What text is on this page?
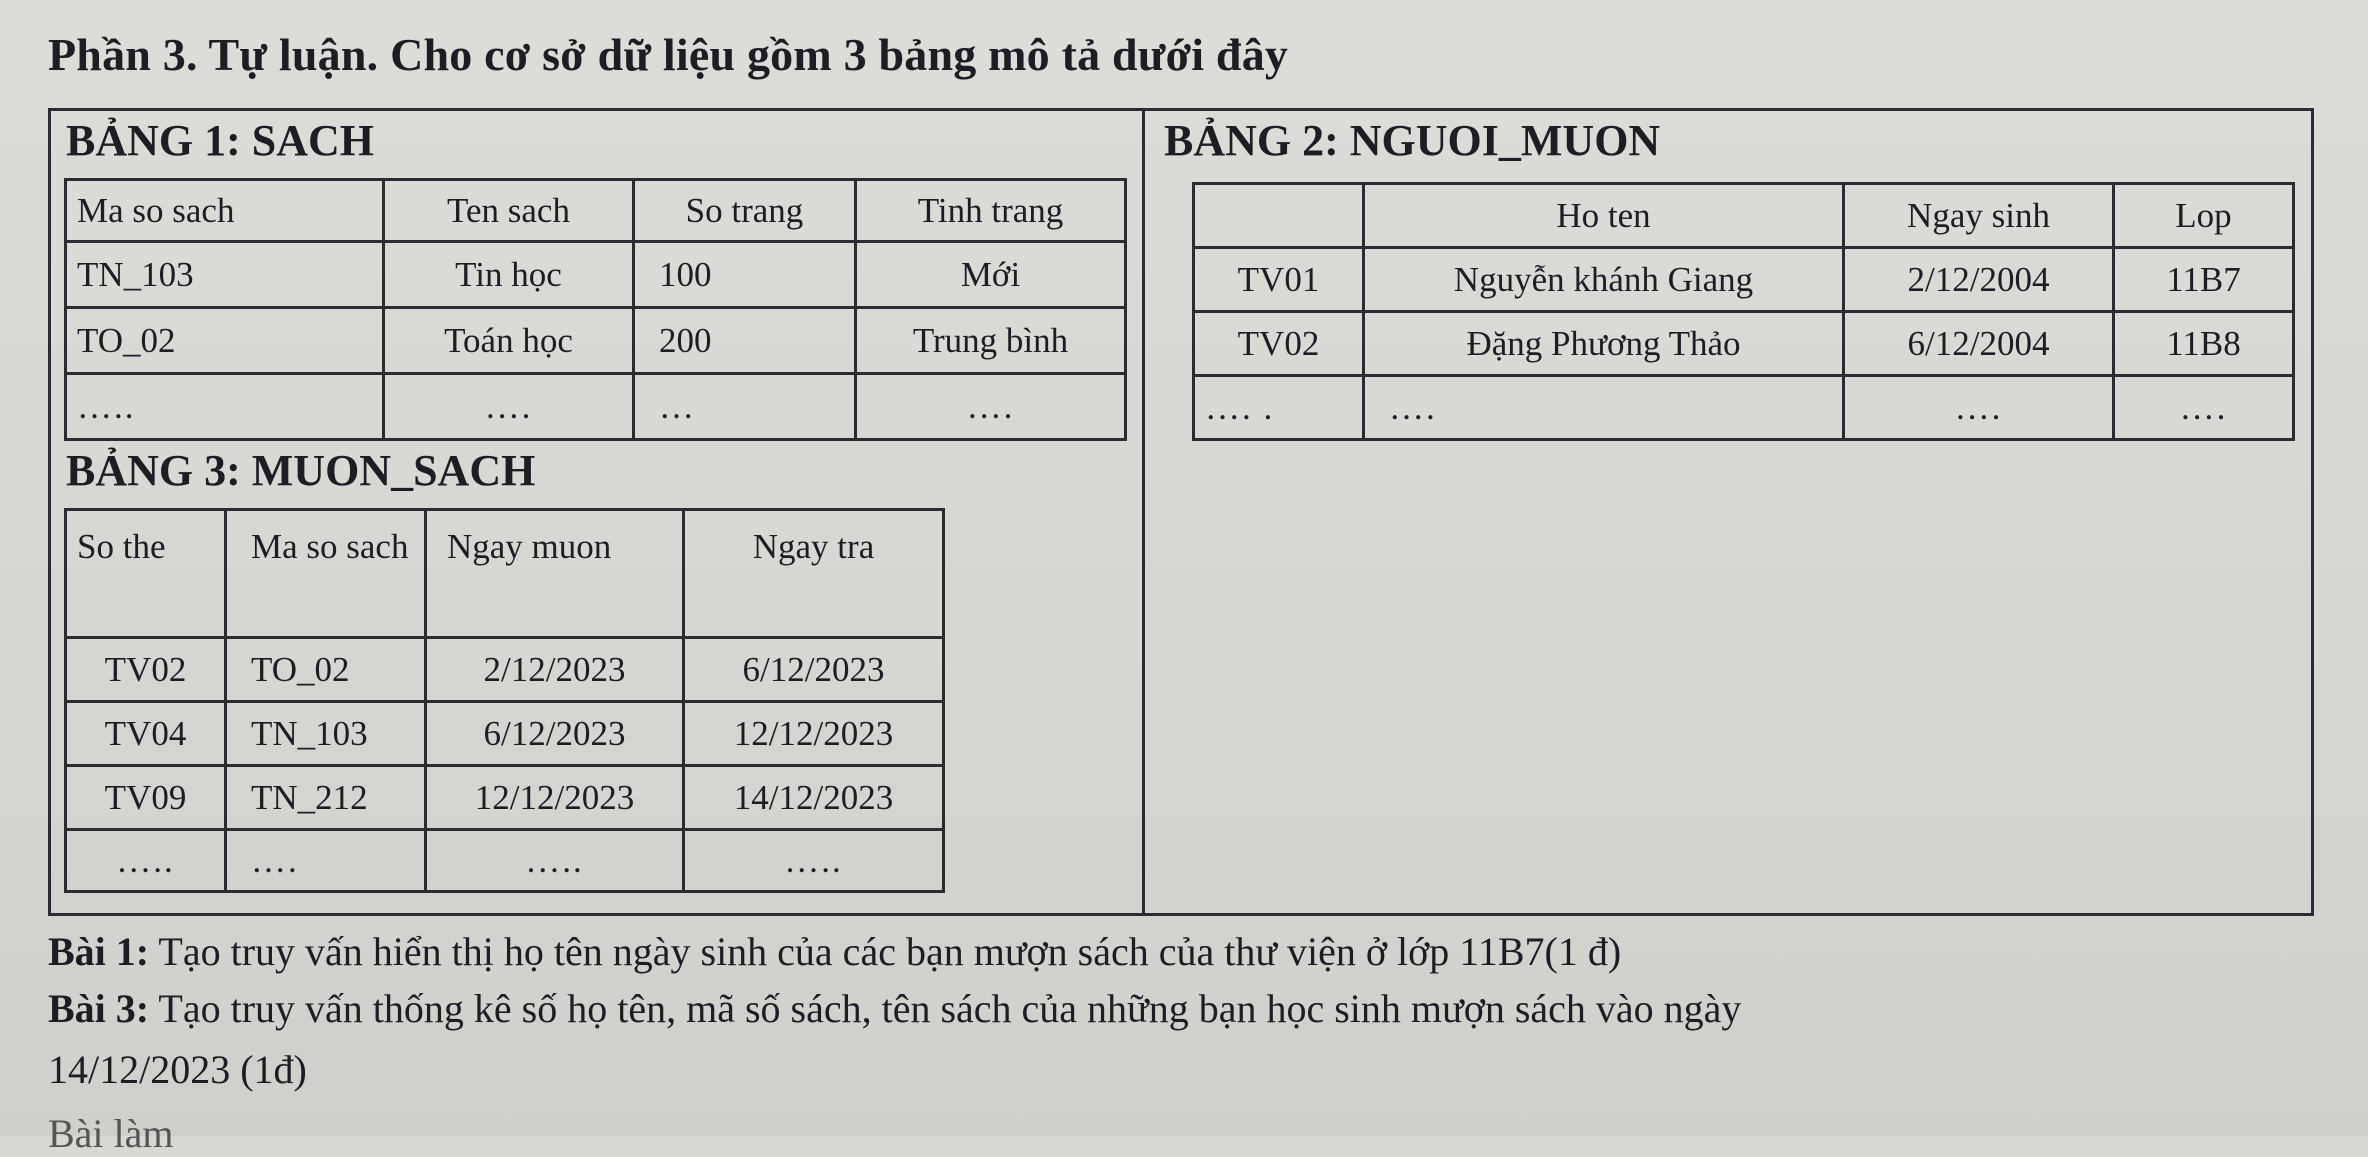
Phần 3. Tự luận. Cho cơ sở dữ liệu gồm 3 bảng mô tả dưới đây
BẢNG 1: SACH
Ma so sach	Ten sach	So trang	Tinh trang
TN_103	Tin học	100	Mới
TO_02	Toán học	200	Trung bình
…..	….	…	….
BẢNG 2: NGUOI_MUON
	Ho ten	Ngay sinh	Lop
TV01	Nguyễn khánh Giang	2/12/2004	11B7
TV02	Đặng Phương Thảo	6/12/2004	11B8
…. .	….	….	….
BẢNG 3: MUON_SACH
So the	Ma so sach	Ngay muon	Ngay tra
TV02	TO_02	2/12/2023	6/12/2023
TV04	TN_103	6/12/2023	12/12/2023
TV09	TN_212	12/12/2023	14/12/2023
…..	….	…..	…..
Bài 1: Tạo truy vấn hiển thị họ tên ngày sinh của các bạn mượn sách của thư viện ở lớp 11B7(1 đ)
Bài 3: Tạo truy vấn thống kê số họ tên, mã số sách, tên sách của những bạn học sinh mượn sách vào ngày
14/12/2023 (1đ)
Bài làm
